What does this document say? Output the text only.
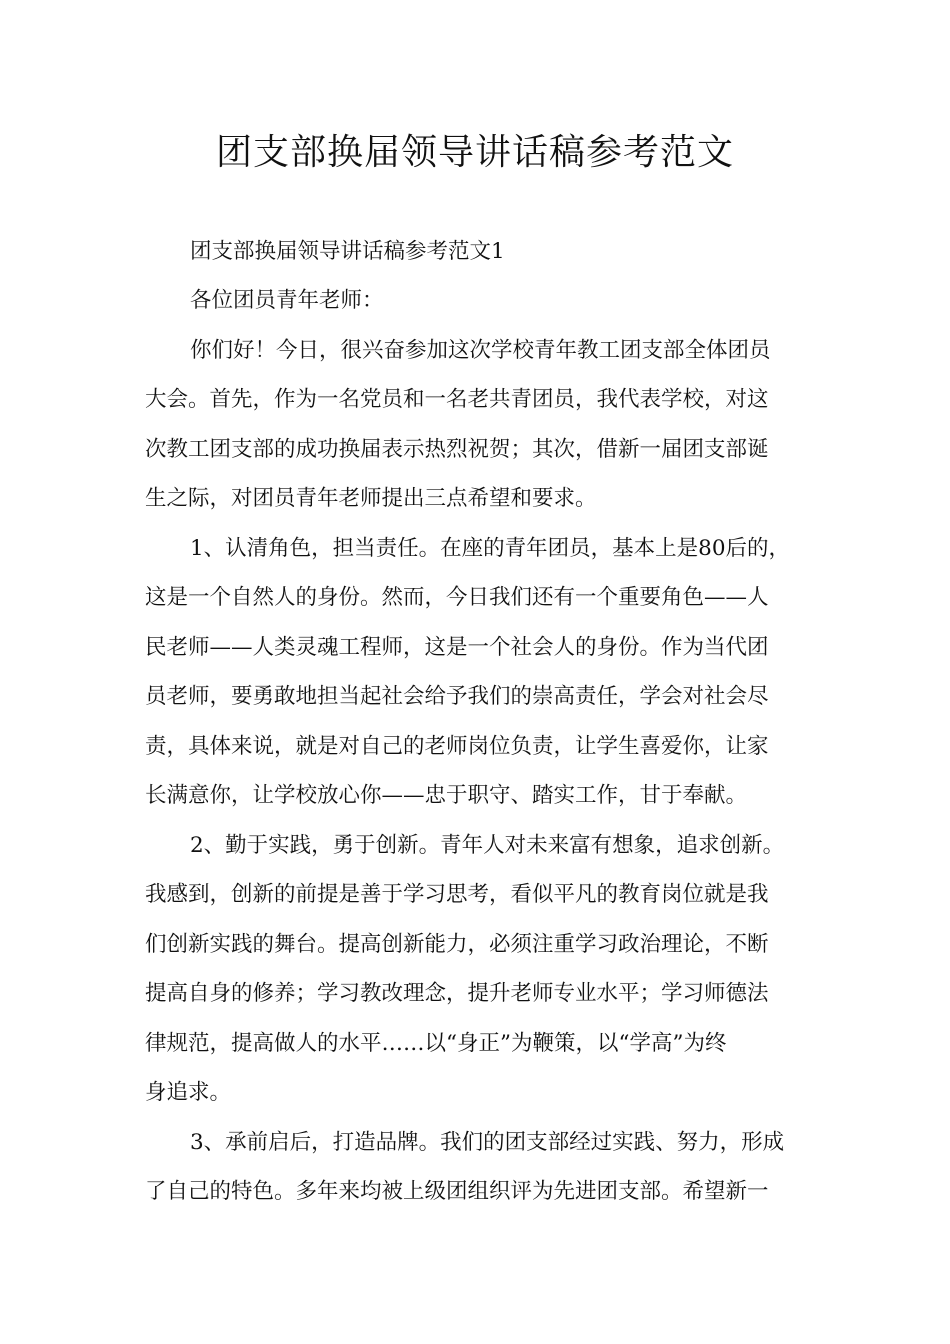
团支部换届领导讲话稿参考范文
团支部换届领导讲话稿参考范文1
各位团员青年老师：
你们好！今日，很兴奋参加这次学校青年教工团支部全体团员
大会。首先，作为一名党员和一名老共青团员，我代表学校，对这
次教工团支部的成功换届表示热烈祝贺；其次，借新一届团支部诞
生之际，对团员青年老师提出三点希望和要求。
1、认清角色，担当责任。在座的青年团员，基本上是80后的，
这是一个自然人的身份。然而，今日我们还有一个重要角色——人
民老师——人类灵魂工程师，这是一个社会人的身份。作为当代团
员老师，要勇敢地担当起社会给予我们的崇高责任，学会对社会尽
责，具体来说，就是对自己的老师岗位负责，让学生喜爱你，让家
长满意你，让学校放心你——忠于职守、踏实工作，甘于奉献。
2、勤于实践，勇于创新。青年人对未来富有想象，追求创新。
我感到，创新的前提是善于学习思考，看似平凡的教育岗位就是我
们创新实践的舞台。提高创新能力，必须注重学习政治理论，不断
提高自身的修养；学习教改理念，提升老师专业水平；学习师德法
律规范，提高做人的水平……以“身正”为鞭策，以“学高”为终
身追求。
3、承前启后，打造品牌。我们的团支部经过实践、努力，形成
了自己的特色。多年来均被上级团组织评为先进团支部。希望新一
